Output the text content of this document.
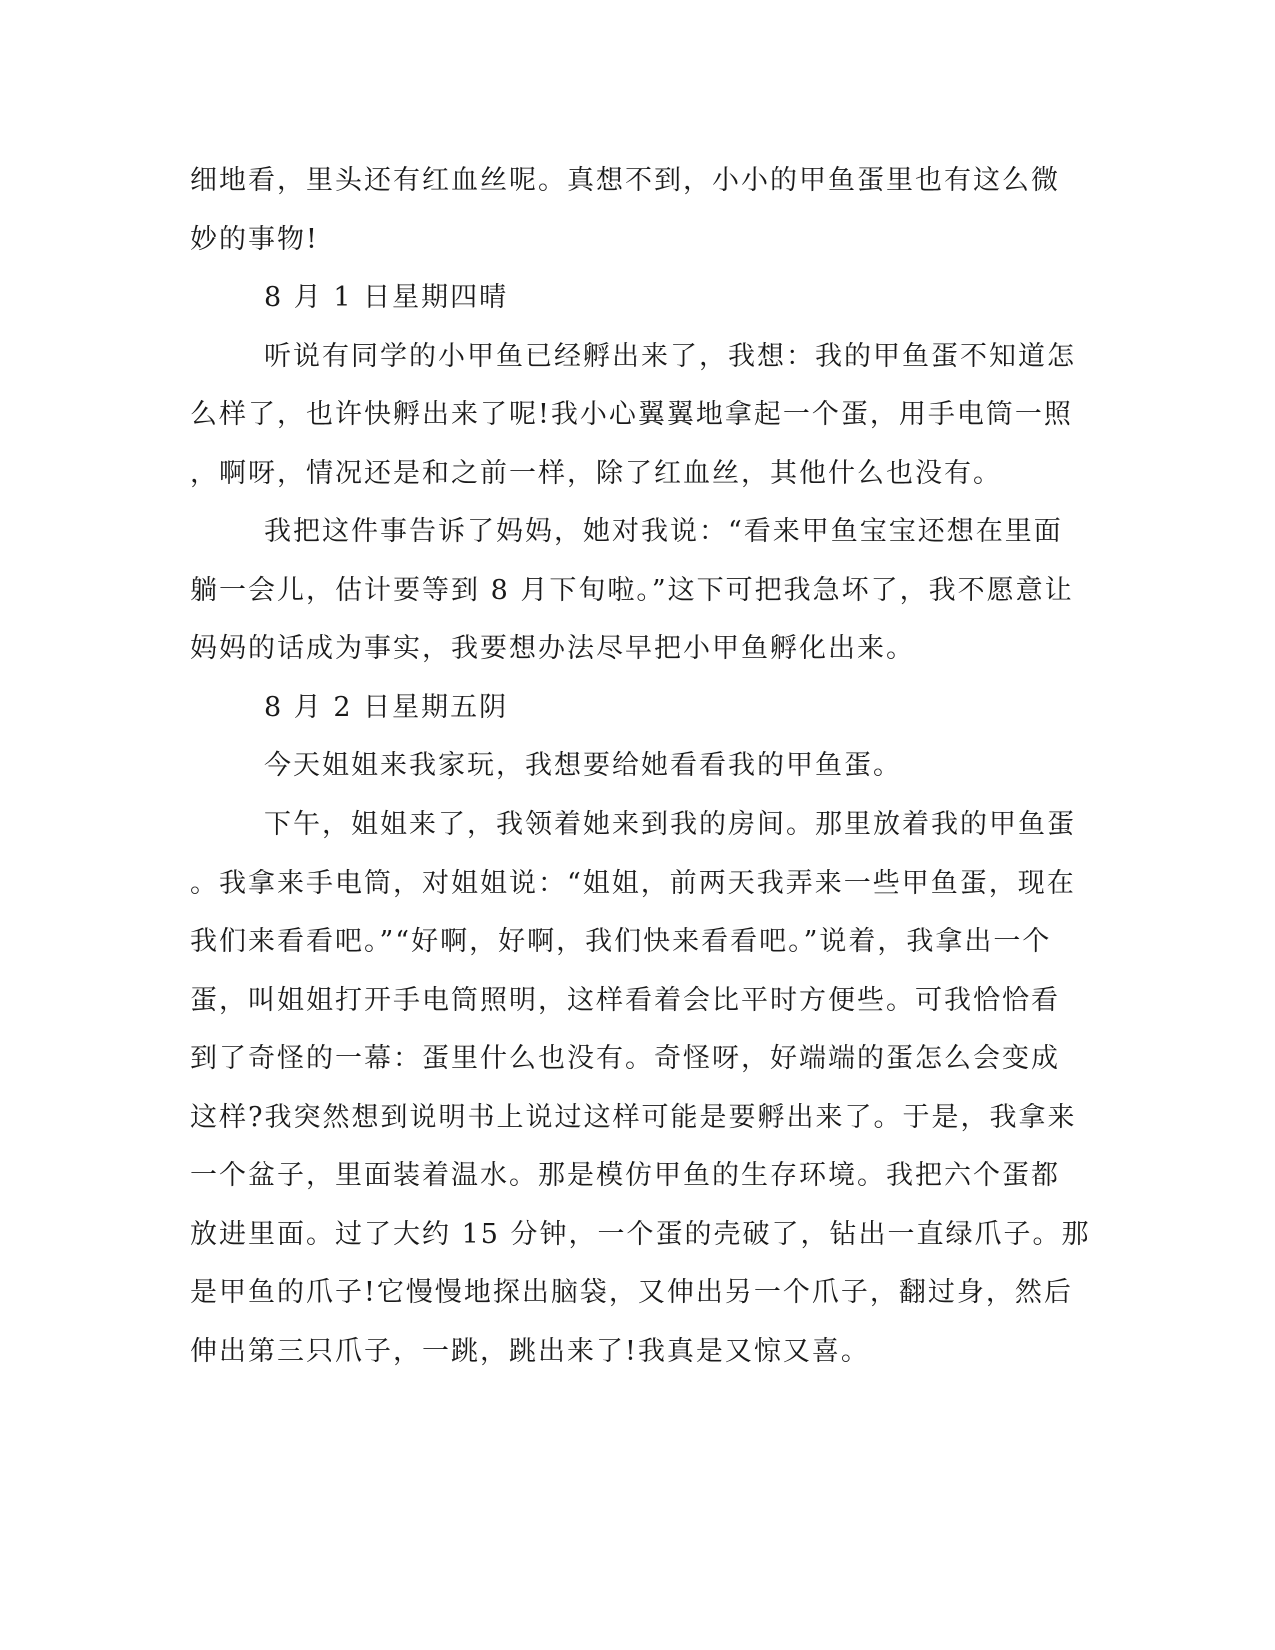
细地看，里头还有红血丝呢。真想不到，小小的甲鱼蛋里也有这么微
妙的事物!
8 月 1 日星期四晴
听说有同学的小甲鱼已经孵出来了，我想：我的甲鱼蛋不知道怎
么样了，也许快孵出来了呢!我小心翼翼地拿起一个蛋，用手电筒一照
，啊呀，情况还是和之前一样，除了红血丝，其他什么也没有。
我把这件事告诉了妈妈，她对我说：“看来甲鱼宝宝还想在里面
躺一会儿，估计要等到 8 月下旬啦。”这下可把我急坏了，我不愿意让
妈妈的话成为事实，我要想办法尽早把小甲鱼孵化出来。
8 月 2 日星期五阴
今天姐姐来我家玩，我想要给她看看我的甲鱼蛋。
下午，姐姐来了，我领着她来到我的房间。那里放着我的甲鱼蛋
。我拿来手电筒，对姐姐说：“姐姐，前两天我弄来一些甲鱼蛋，现在
我们来看看吧。”“好啊，好啊，我们快来看看吧。”说着，我拿出一个
蛋，叫姐姐打开手电筒照明，这样看着会比平时方便些。可我恰恰看
到了奇怪的一幕：蛋里什么也没有。奇怪呀，好端端的蛋怎么会变成
这样?我突然想到说明书上说过这样可能是要孵出来了。于是，我拿来
一个盆子，里面装着温水。那是模仿甲鱼的生存环境。我把六个蛋都
放进里面。过了大约 15 分钟，一个蛋的壳破了，钻出一直绿爪子。那
是甲鱼的爪子!它慢慢地探出脑袋，又伸出另一个爪子，翻过身，然后
伸出第三只爪子，一跳，跳出来了!我真是又惊又喜。
